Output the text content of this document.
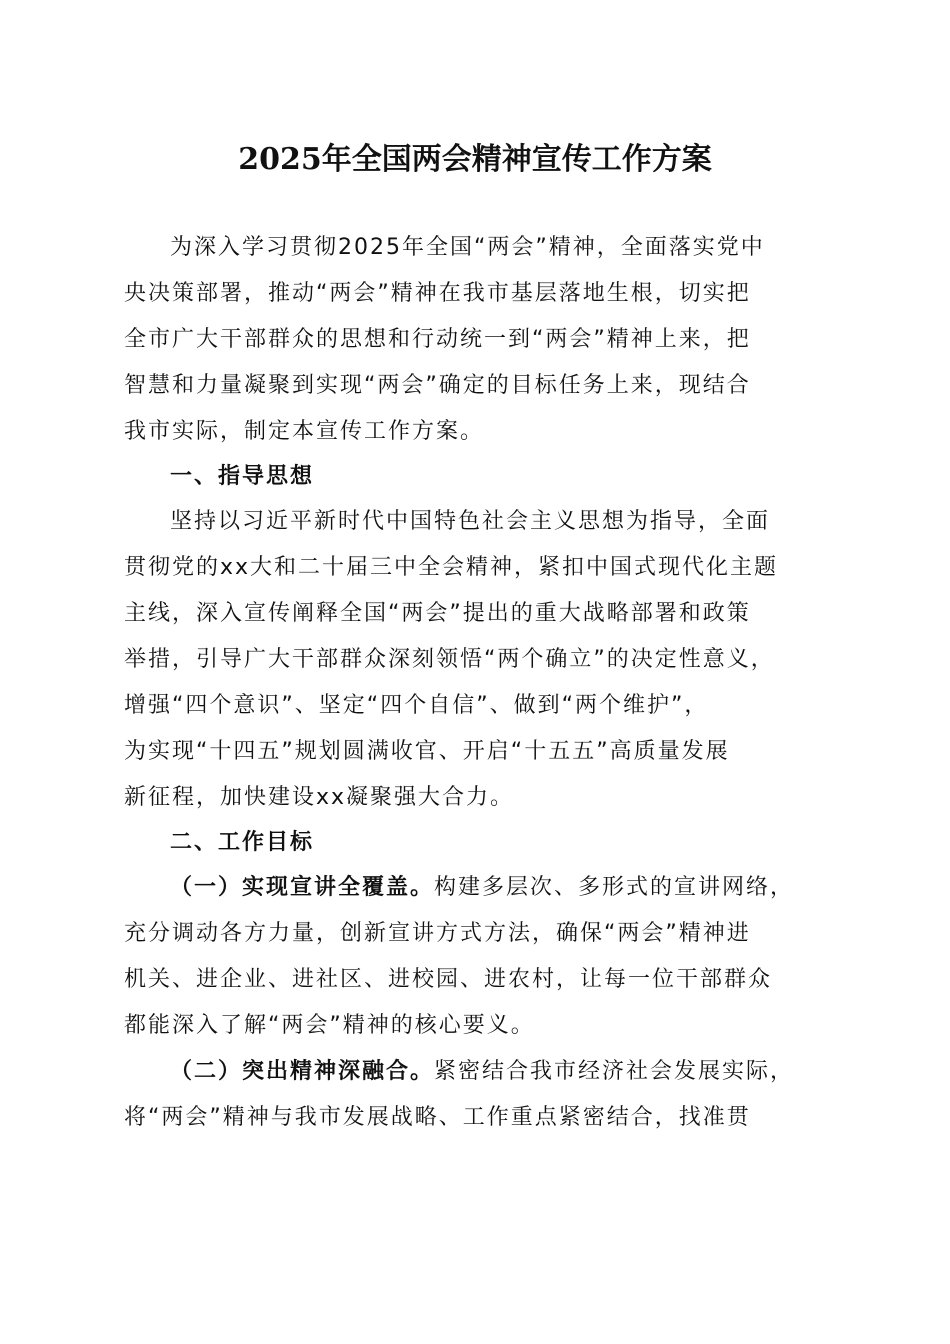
2025年全国两会精神宣传工作方案
为深入学习贯彻2025年全国“两会”精神，全面落实党中
央决策部署，推动“两会”精神在我市基层落地生根，切实把
全市广大干部群众的思想和行动统一到“两会”精神上来，把
智慧和力量凝聚到实现“两会”确定的目标任务上来，现结合
我市实际，制定本宣传工作方案。
一、指导思想
坚持以习近平新时代中国特色社会主义思想为指导，全面
贯彻党的xx大和二十届三中全会精神，紧扣中国式现代化主题
主线，深入宣传阐释全国“两会”提出的重大战略部署和政策
举措，引导广大干部群众深刻领悟“两个确立”的决定性意义，
增强“四个意识”、坚定“四个自信”、做到“两个维护”，
为实现“十四五”规划圆满收官、开启“十五五”高质量发展
新征程，加快建设xx凝聚强大合力。
二、工作目标
（一）实现宣讲全覆盖。构建多层次、多形式的宣讲网络，
充分调动各方力量，创新宣讲方式方法，确保“两会”精神进
机关、进企业、进社区、进校园、进农村，让每一位干部群众
都能深入了解“两会”精神的核心要义。
（二）突出精神深融合。紧密结合我市经济社会发展实际，
将“两会”精神与我市发展战略、工作重点紧密结合，找准贯
